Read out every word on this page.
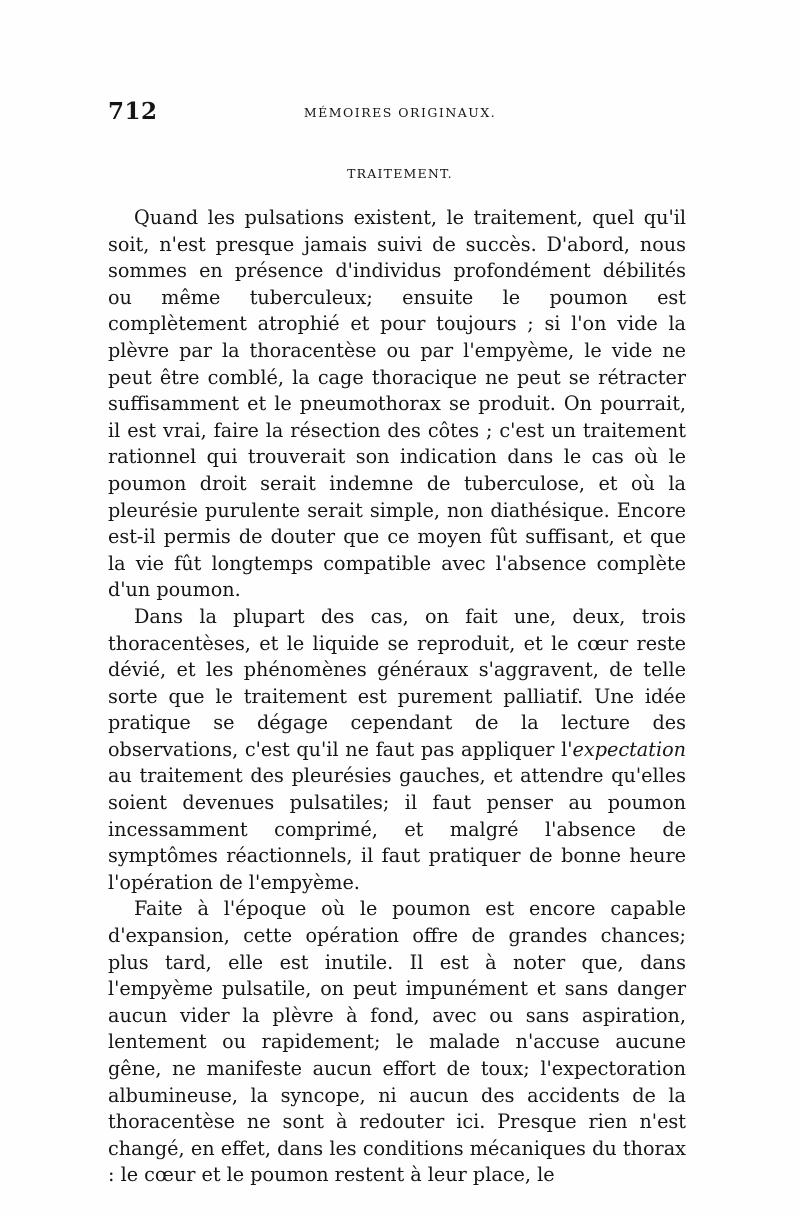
712	MÉMOIRES ORIGINAUX.
TRAITEMENT.

Quand les pulsations existent, le traitement, quel qu'il soit, n'est presque jamais suivi de succès. D'abord, nous sommes en présence d'individus profondément débilités ou même tuberculeux; ensuite le poumon est complètement atrophié et pour toujours ; si l'on vide la plèvre par la thoracentèse ou par l'empyème, le vide ne peut être comblé, la cage thoracique ne peut se rétracter suffisamment et le pneumothorax se produit. On pourrait, il est vrai, faire la résection des côtes ; c'est un traitement rationnel qui trouverait son indication dans le cas où le poumon droit serait indemne de tuberculose, et où la pleurésie purulente serait simple, non diathésique. Encore est-il permis de douter que ce moyen fût suffisant, et que la vie fût longtemps compatible avec l'absence complète d'un poumon.

Dans la plupart des cas, on fait une, deux, trois thoracentèses, et le liquide se reproduit, et le cœur reste dévié, et les phénomènes généraux s'aggravent, de telle sorte que le traitement est purement palliatif. Une idée pratique se dégage cependant de la lecture des observations, c'est qu'il ne faut pas appliquer l'expectation au traitement des pleurésies gauches, et attendre qu'elles soient devenues pulsatiles; il faut penser au poumon incessamment comprimé, et malgré l'absence de symptômes réactionnels, il faut pratiquer de bonne heure l'opération de l'empyème.

Faite à l'époque où le poumon est encore capable d'expansion, cette opération offre de grandes chances; plus tard, elle est inutile. Il est à noter que, dans l'empyème pulsatile, on peut impunément et sans danger aucun vider la plèvre à fond, avec ou sans aspiration, lentement ou rapidement; le malade n'accuse aucune gêne, ne manifeste aucun effort de toux; l'expectoration albumineuse, la syncope, ni aucun des accidents de la thoracentèse ne sont à redouter ici. Presque rien n'est changé, en effet, dans les conditions mécaniques du thorax : le cœur et le poumon restent à leur place, le
